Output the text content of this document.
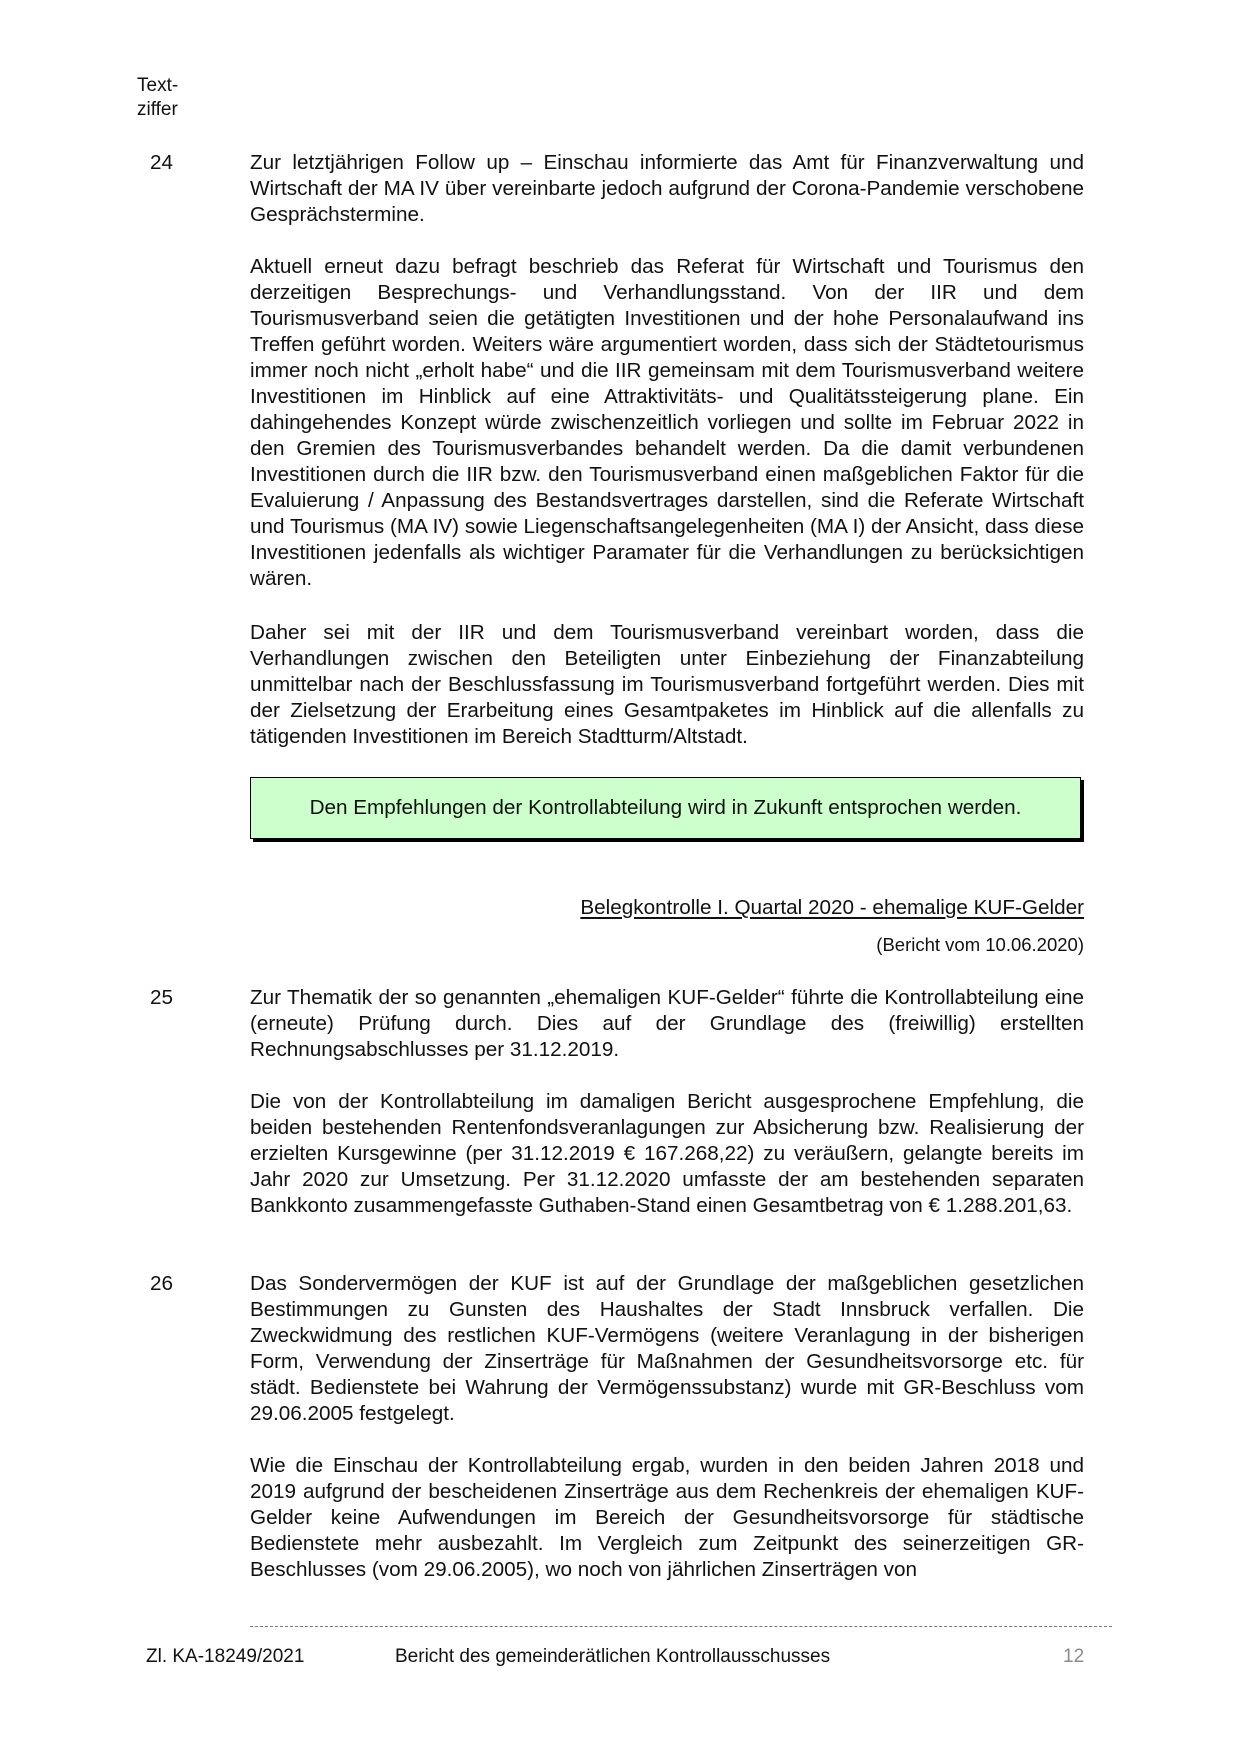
Text-
ziffer
24	Zur letztjährigen Follow up – Einschau informierte das Amt für Finanzverwaltung und Wirtschaft der MA IV über vereinbarte jedoch aufgrund der Corona-Pandemie verschobene Gesprächstermine.

Aktuell erneut dazu befragt beschrieb das Referat für Wirtschaft und Tourismus den derzeitigen Besprechungs- und Verhandlungsstand. Von der IIR und dem Tourismusverband seien die getätigten Investitionen und der hohe Personalaufwand ins Treffen geführt worden. Weiters wäre argumentiert worden, dass sich der Städtetourismus immer noch nicht „erholt habe“ und die IIR gemeinsam mit dem Tourismusverband weitere Investitionen im Hinblick auf eine Attraktivitäts- und Qualitätssteigerung plane. Ein dahingehendes Konzept würde zwischenzeitlich vorliegen und sollte im Februar 2022 in den Gremien des Tourismusverbandes behandelt werden. Da die damit verbundenen Investitionen durch die IIR bzw. den Tourismusverband einen maßgeblichen Faktor für die Evaluierung / Anpassung des Bestandsvertrages darstellen, sind die Referate Wirtschaft und Tourismus (MA IV) sowie Liegenschaftsangelegenheiten (MA I) der Ansicht, dass diese Investitionen jedenfalls als wichtiger Paramater für die Verhandlungen zu berücksichtigen wären.

Daher sei mit der IIR und dem Tourismusverband vereinbart worden, dass die Verhandlungen zwischen den Beteiligten unter Einbeziehung der Finanzabteilung unmittelbar nach der Beschlussfassung im Tourismusverband fortgeführt werden. Dies mit der Zielsetzung der Erarbeitung eines Gesamtpaketes im Hinblick auf die allenfalls zu tätigenden Investitionen im Bereich Stadtturm/Altstadt.

Den Empfehlungen der Kontrollabteilung wird in Zukunft entsprochen werden.
Belegkontrolle I. Quartal 2020 - ehemalige KUF-Gelder
(Bericht vom 10.06.2020)
25	Zur Thematik der so genannten „ehemaligen KUF-Gelder“ führte die Kontrollabteilung eine (erneute) Prüfung durch. Dies auf der Grundlage des (freiwillig) erstellten Rechnungsabschlusses per 31.12.2019.

Die von der Kontrollabteilung im damaligen Bericht ausgesprochene Empfehlung, die beiden bestehenden Rentenfondsveranlagungen zur Absicherung bzw. Realisierung der erzielten Kursgewinne (per 31.12.2019 € 167.268,22) zu veräußern, gelangte bereits im Jahr 2020 zur Umsetzung. Per 31.12.2020 umfasste der am bestehenden separaten Bankkonto zusammengefasste Guthaben-Stand einen Gesamtbetrag von € 1.288.201,63.

26	Das Sondervermögen der KUF ist auf der Grundlage der maßgeblichen gesetzlichen Bestimmungen zu Gunsten des Haushaltes der Stadt Innsbruck verfallen. Die Zweckwidmung des restlichen KUF-Vermögens (weitere Veranlagung in der bisherigen Form, Verwendung der Zinserträge für Maßnahmen der Gesundheitsvorsorge etc. für städt. Bedienstete bei Wahrung der Vermögenssubstanz) wurde mit GR-Beschluss vom 29.06.2005 festgelegt.

Wie die Einschau der Kontrollabteilung ergab, wurden in den beiden Jahren 2018 und 2019 aufgrund der bescheidenen Zinserträge aus dem Rechenkreis der ehemaligen KUF-Gelder keine Aufwendungen im Bereich der Gesundheitsvorsorge für städtische Bedienstete mehr ausbezahlt. Im Vergleich zum Zeitpunkt des seinerzeitigen GR-Beschlusses (vom 29.06.2005), wo noch von jährlichen Zinserträgen von

Zl. KA-18249/2021	Bericht des gemeinderätlichen Kontrollausschusses	12
